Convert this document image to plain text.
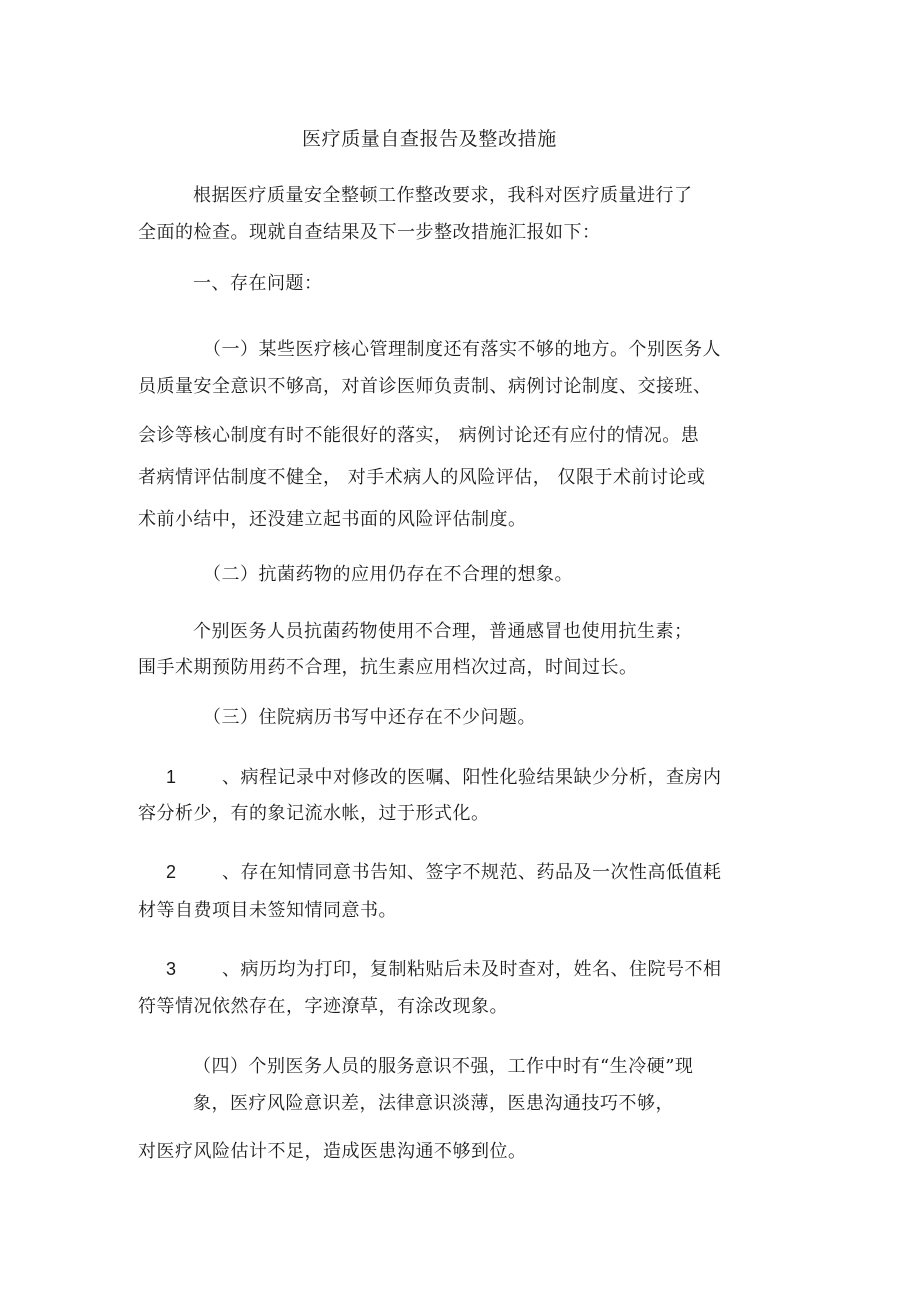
医疗质量自查报告及整改措施
根据医疗质量安全整顿工作整改要求，我科对医疗质量进行了
全面的检查。现就自查结果及下一步整改措施汇报如下：
一、存在问题：
（一）某些医疗核心管理制度还有落实不够的地方。个别医务人
员质量安全意识不够高，对首诊医师负责制、病例讨论制度、交接班、
会诊等核心制度有时不能很好的落实， 病例讨论还有应付的情况。患
者病情评估制度不健全， 对手术病人的风险评估， 仅限于术前讨论或
术前小结中，还没建立起书面的风险评估制度。
（二）抗菌药物的应用仍存在不合理的想象。
个别医务人员抗菌药物使用不合理，普通感冒也使用抗生素；
围手术期预防用药不合理，抗生素应用档次过高，时间过长。
（三）住院病历书写中还存在不少问题。
1	、病程记录中对修改的医嘱、阳性化验结果缺少分析，查房内
容分析少，有的象记流水帐，过于形式化。
2	、存在知情同意书告知、签字不规范、药品及一次性高低值耗
材等自费项目未签知情同意书。
3	、病历均为打印，复制粘贴后未及时查对，姓名、住院号不相
符等情况依然存在，字迹潦草，有涂改现象。
（四）个别医务人员的服务意识不强，工作中时有“生冷硬”现
象，医疗风险意识差，法律意识淡薄，医患沟通技巧不够，
对医疗风险估计不足，造成医患沟通不够到位。
